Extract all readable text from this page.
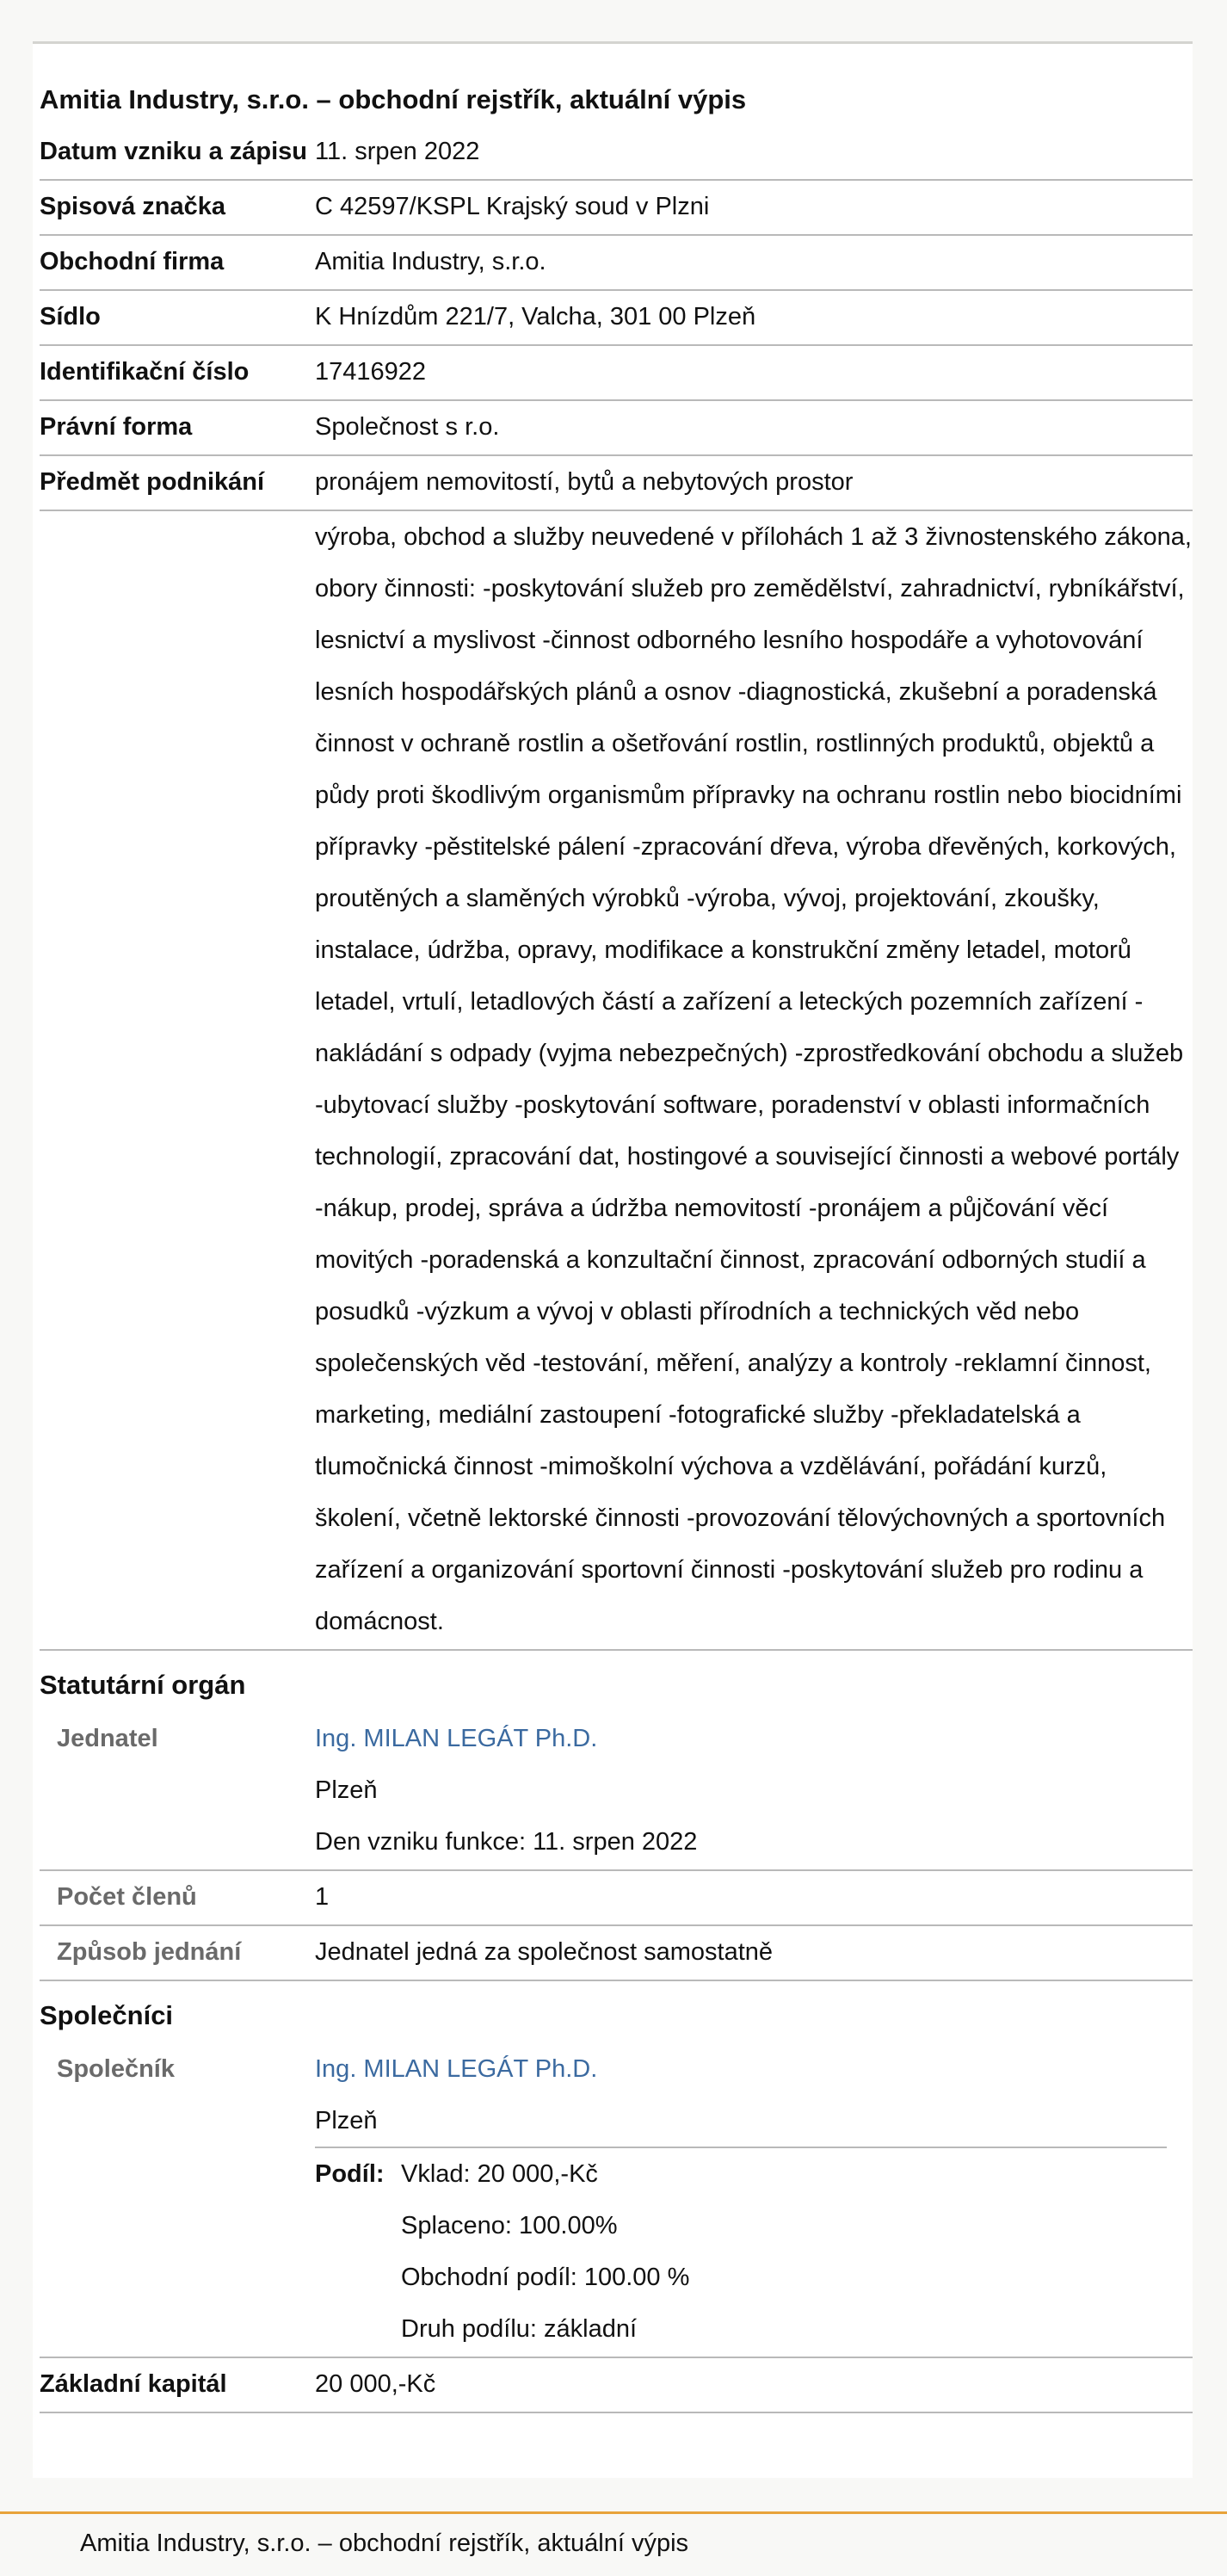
Amitia Industry, s.r.o. – obchodní rejstřík, aktuální výpis
Datum vzniku a zápisu 11. srpen 2022
Spisová značka	C 42597/KSPL Krajský soud v Plzni
Obchodní firma	Amitia Industry, s.r.o.
Sídlo	K Hnízdům 221/7, Valcha, 301 00 Plzeň
Identifikační číslo	17416922
Právní forma	Společnost s r.o.
Předmět podnikání	pronájem nemovitostí, bytů a nebytových prostor
výroba, obchod a služby neuvedené v přílohách 1 až 3 živnostenského zákona, obory činnosti: -poskytování služeb pro zemědělství, zahradnictví, rybníkářství, lesnictví a myslivost -činnost odborného lesního hospodáře a vyhotovování lesních hospodářských plánů a osnov -diagnostická, zkušební a poradenská činnost v ochraně rostlin a ošetřování rostlin, rostlinných produktů, objektů a půdy proti škodlivým organismům přípravky na ochranu rostlin nebo biocidními přípravky -pěstitelské pálení -zpracování dřeva, výroba dřevěných, korkových, proutěných a slaměných výrobků -výroba, vývoj, projektování, zkoušky, instalace, údržba, opravy, modifikace a konstrukční změny letadel, motorů letadel, vrtulí, letadlových částí a zařízení a leteckých pozemních zařízení -nakládání s odpady (vyjma nebezpečných) -zprostředkování obchodu a služeb -ubytovací služby -poskytování software, poradenství v oblasti informačních technologií, zpracování dat, hostingové a související činnosti a webové portály -nákup, prodej, správa a údržba nemovitostí -pronájem a půjčování věcí movitých -poradenská a konzultační činnost, zpracování odborných studií a posudků -výzkum a vývoj v oblasti přírodních a technických věd nebo společenských věd -testování, měření, analýzy a kontroly -reklamní činnost, marketing, mediální zastoupení -fotografické služby -překladatelská a tlumočnická činnost -mimoškolní výchova a vzdělávání, pořádání kurzů, školení, včetně lektorské činnosti -provozování tělovýchovných a sportovních zařízení a organizování sportovní činnosti -poskytování služeb pro rodinu a domácnost.
Statutární orgán
Jednatel	Ing. MILAN LEGÁT Ph.D.
Plzeň
Den vzniku funkce: 11. srpen 2022
Počet členů	1
Způsob jednání	Jednatel jedná za společnost samostatně
Společníci
Společník	Ing. MILAN LEGÁT Ph.D.
Plzeň
Podíl: Vklad: 20 000,-Kč
Splaceno: 100.00%
Obchodní podíl: 100.00 %
Druh podílu: základní
Základní kapitál	20 000,-Kč
Amitia Industry, s.r.o. – obchodní rejstřík, aktuální výpis
